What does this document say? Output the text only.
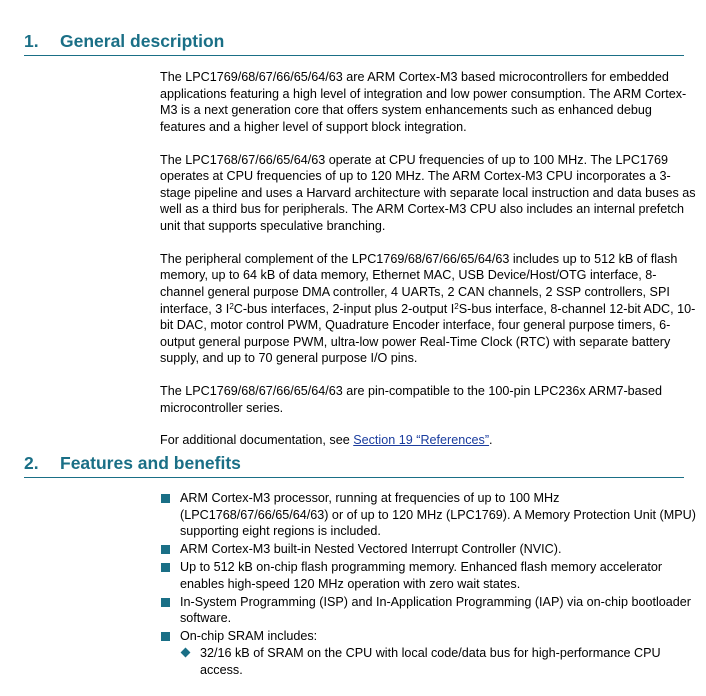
1.	General description

The LPC1769/68/67/66/65/64/63 are ARM Cortex-M3 based microcontrollers for embedded applications featuring a high level of integration and low power consumption. The ARM Cortex-M3 is a next generation core that offers system enhancements such as enhanced debug features and a higher level of support block integration.

The LPC1768/67/66/65/64/63 operate at CPU frequencies of up to 100 MHz. The LPC1769 operates at CPU frequencies of up to 120 MHz. The ARM Cortex-M3 CPU incorporates a 3-stage pipeline and uses a Harvard architecture with separate local instruction and data buses as well as a third bus for peripherals. The ARM Cortex-M3 CPU also includes an internal prefetch unit that supports speculative branching.

The peripheral complement of the LPC1769/68/67/66/65/64/63 includes up to 512 kB of flash memory, up to 64 kB of data memory, Ethernet MAC, USB Device/Host/OTG interface, 8-channel general purpose DMA controller, 4 UARTs, 2 CAN channels, 2 SSP controllers, SPI interface, 3 $I^2C$-bus interfaces, 2-input plus 2-output $I^2S$-bus interface, 8-channel 12-bit ADC, 10-bit DAC, motor control PWM, Quadrature Encoder interface, four general purpose timers, 6-output general purpose PWM, ultra-low power Real-Time Clock (RTC) with separate battery supply, and up to 70 general purpose I/O pins.

The LPC1769/68/67/66/65/64/63 are pin-compatible to the 100-pin LPC236x ARM7-based microcontroller series.

For additional documentation, see Section 19 “References”.

2.	Features and benefits
ARM Cortex-M3 processor, running at frequencies of up to 100 MHz (LPC1768/67/66/65/64/63) or of up to 120 MHz (LPC1769). A Memory Protection Unit (MPU) supporting eight regions is included.
ARM Cortex-M3 built-in Nested Vectored Interrupt Controller (NVIC).
Up to 512 kB on-chip flash programming memory. Enhanced flash memory accelerator enables high-speed 120 MHz operation with zero wait states.
In-System Programming (ISP) and In-Application Programming (IAP) via on-chip bootloader software.
On-chip SRAM includes:
32/16 kB of SRAM on the CPU with local code/data bus for high-performance CPU access.
